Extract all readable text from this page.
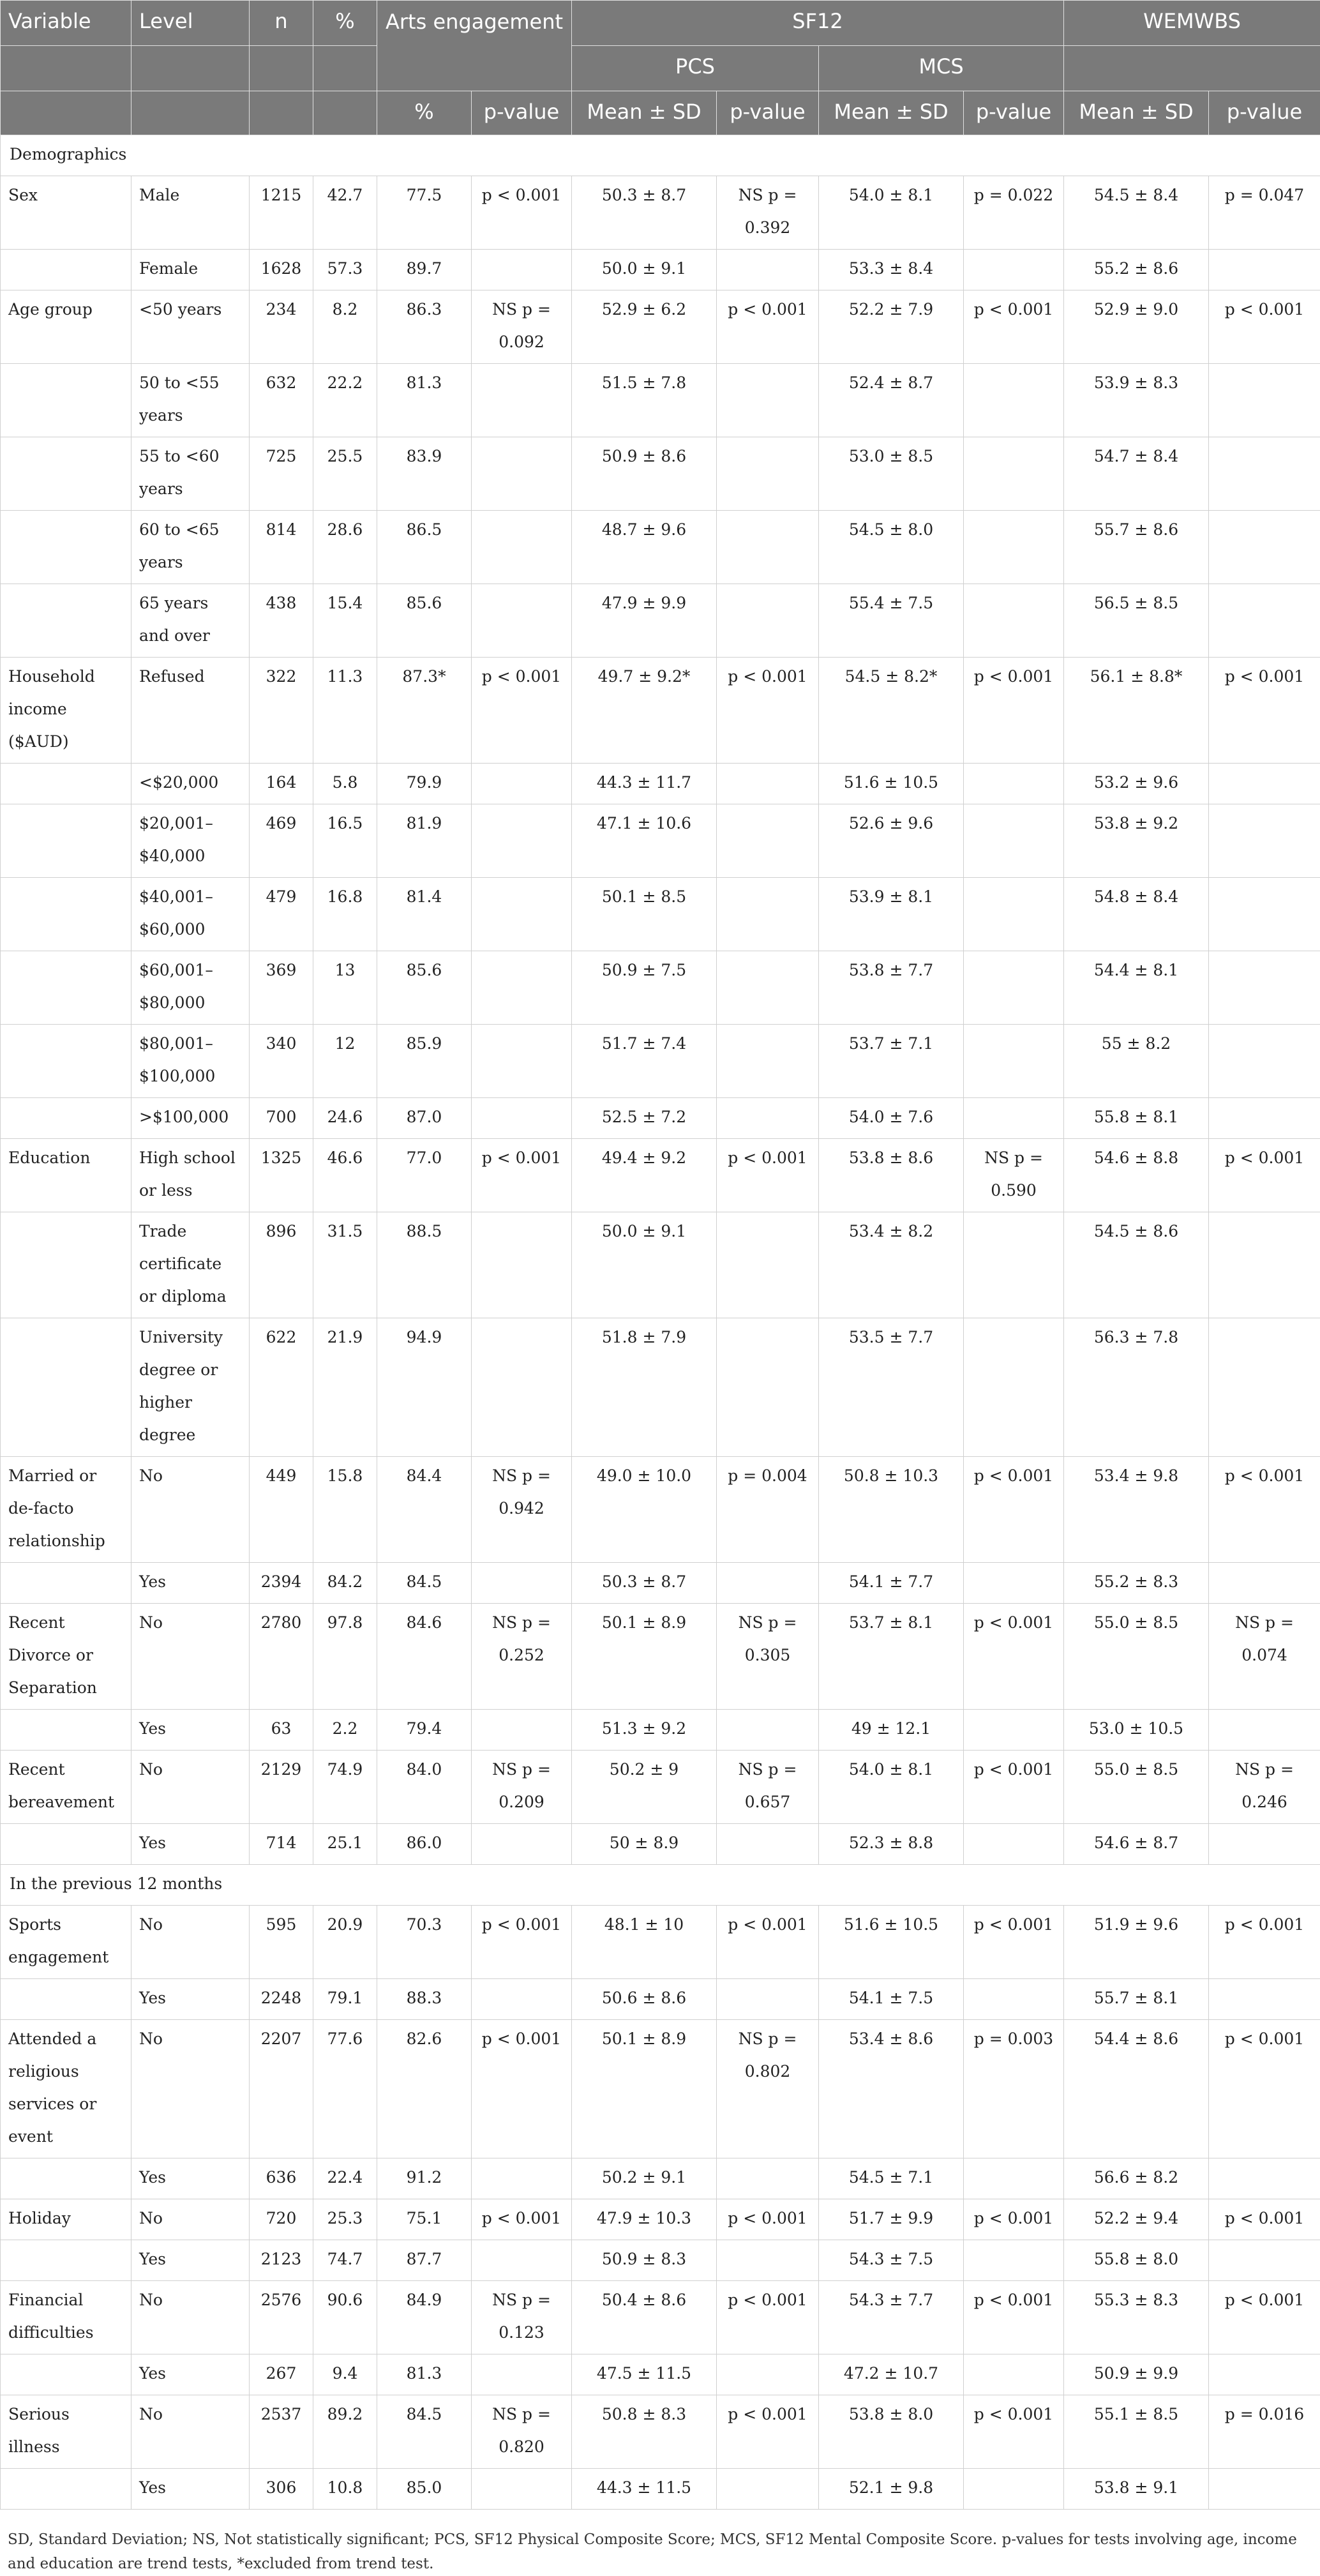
Variable	Level	n	%	Arts engagement		SF12				WEMWBS	
						PCS		MCS			
				%	p-value	Mean ± SD	p-value	Mean ± SD	p-value	Mean ± SD	p-value
Demographics											
Sex	Male	1215	42.7	77.5	p < 0.001	50.3 ± 8.7	NS p = 0.392	54.0 ± 8.1	p = 0.022	54.5 ± 8.4	p = 0.047
	Female	1628	57.3	89.7		50.0 ± 9.1		53.3 ± 8.4		55.2 ± 8.6	
Age group	<50 years	234	8.2	86.3	NS p = 0.092	52.9 ± 6.2	p < 0.001	52.2 ± 7.9	p < 0.001	52.9 ± 9.0	p < 0.001
	50 to <55 years	632	22.2	81.3		51.5 ± 7.8		52.4 ± 8.7		53.9 ± 8.3	
	55 to <60 years	725	25.5	83.9		50.9 ± 8.6		53.0 ± 8.5		54.7 ± 8.4	
	60 to <65 years	814	28.6	86.5		48.7 ± 9.6		54.5 ± 8.0		55.7 ± 8.6	
	65 years and over	438	15.4	85.6		47.9 ± 9.9		55.4 ± 7.5		56.5 ± 8.5	
Household income ($AUD)	Refused	322	11.3	87.3*	p < 0.001	49.7 ± 9.2*	p < 0.001	54.5 ± 8.2*	p < 0.001	56.1 ± 8.8*	p < 0.001
	<$20,000	164	5.8	79.9		44.3 ± 11.7		51.6 ± 10.5		53.2 ± 9.6	
	$20,001–$40,000	469	16.5	81.9		47.1 ± 10.6		52.6 ± 9.6		53.8 ± 9.2	
	$40,001–$60,000	479	16.8	81.4		50.1 ± 8.5		53.9 ± 8.1		54.8 ± 8.4	
	$60,001–$80,000	369	13	85.6		50.9 ± 7.5		53.8 ± 7.7		54.4 ± 8.1	
	$80,001–$100,000	340	12	85.9		51.7 ± 7.4		53.7 ± 7.1		55 ± 8.2	
	>$100,000	700	24.6	87.0		52.5 ± 7.2		54.0 ± 7.6		55.8 ± 8.1	
Education	High school or less	1325	46.6	77.0	p < 0.001	49.4 ± 9.2	p < 0.001	53.8 ± 8.6	NS p = 0.590	54.6 ± 8.8	p < 0.001
	Trade certificate or diploma	896	31.5	88.5		50.0 ± 9.1		53.4 ± 8.2		54.5 ± 8.6	
	University degree or higher degree	622	21.9	94.9		51.8 ± 7.9		53.5 ± 7.7		56.3 ± 7.8	
Married or de-facto relationship	No	449	15.8	84.4	NS p = 0.942	49.0 ± 10.0	p = 0.004	50.8 ± 10.3	p < 0.001	53.4 ± 9.8	p < 0.001
	Yes	2394	84.2	84.5		50.3 ± 8.7		54.1 ± 7.7		55.2 ± 8.3	
Recent Divorce or Separation	No	2780	97.8	84.6	NS p = 0.252	50.1 ± 8.9	NS p = 0.305	53.7 ± 8.1	p < 0.001	55.0 ± 8.5	NS p = 0.074
	Yes	63	2.2	79.4		51.3 ± 9.2		49 ± 12.1		53.0 ± 10.5	
Recent bereavement	No	2129	74.9	84.0	NS p = 0.209	50.2 ± 9	NS p = 0.657	54.0 ± 8.1	p < 0.001	55.0 ± 8.5	NS p = 0.246
	Yes	714	25.1	86.0		50 ± 8.9		52.3 ± 8.8		54.6 ± 8.7	
In the previous 12 months											
Sports engagement	No	595	20.9	70.3	p < 0.001	48.1 ± 10	p < 0.001	51.6 ± 10.5	p < 0.001	51.9 ± 9.6	p < 0.001
	Yes	2248	79.1	88.3		50.6 ± 8.6		54.1 ± 7.5		55.7 ± 8.1	
Attended a religious services or event	No	2207	77.6	82.6	p < 0.001	50.1 ± 8.9	NS p = 0.802	53.4 ± 8.6	p = 0.003	54.4 ± 8.6	p < 0.001
	Yes	636	22.4	91.2		50.2 ± 9.1		54.5 ± 7.1		56.6 ± 8.2	
Holiday	No	720	25.3	75.1	p < 0.001	47.9 ± 10.3	p < 0.001	51.7 ± 9.9	p < 0.001	52.2 ± 9.4	p < 0.001
	Yes	2123	74.7	87.7		50.9 ± 8.3		54.3 ± 7.5		55.8 ± 8.0	
Financial difficulties	No	2576	90.6	84.9	NS p = 0.123	50.4 ± 8.6	p < 0.001	54.3 ± 7.7	p < 0.001	55.3 ± 8.3	p < 0.001
	Yes	267	9.4	81.3		47.5 ± 11.5		47.2 ± 10.7		50.9 ± 9.9	
Serious illness	No	2537	89.2	84.5	NS p = 0.820	50.8 ± 8.3	p < 0.001	53.8 ± 8.0	p < 0.001	55.1 ± 8.5	p = 0.016
	Yes	306	10.8	85.0		44.3 ± 11.5		52.1 ± 9.8		53.8 ± 9.1	
SD, Standard Deviation; NS, Not statistically significant; PCS, SF12 Physical Composite Score; MCS, SF12 Mental Composite Score. p-values for tests involving age, income and education are trend tests, *excluded from trend test.
